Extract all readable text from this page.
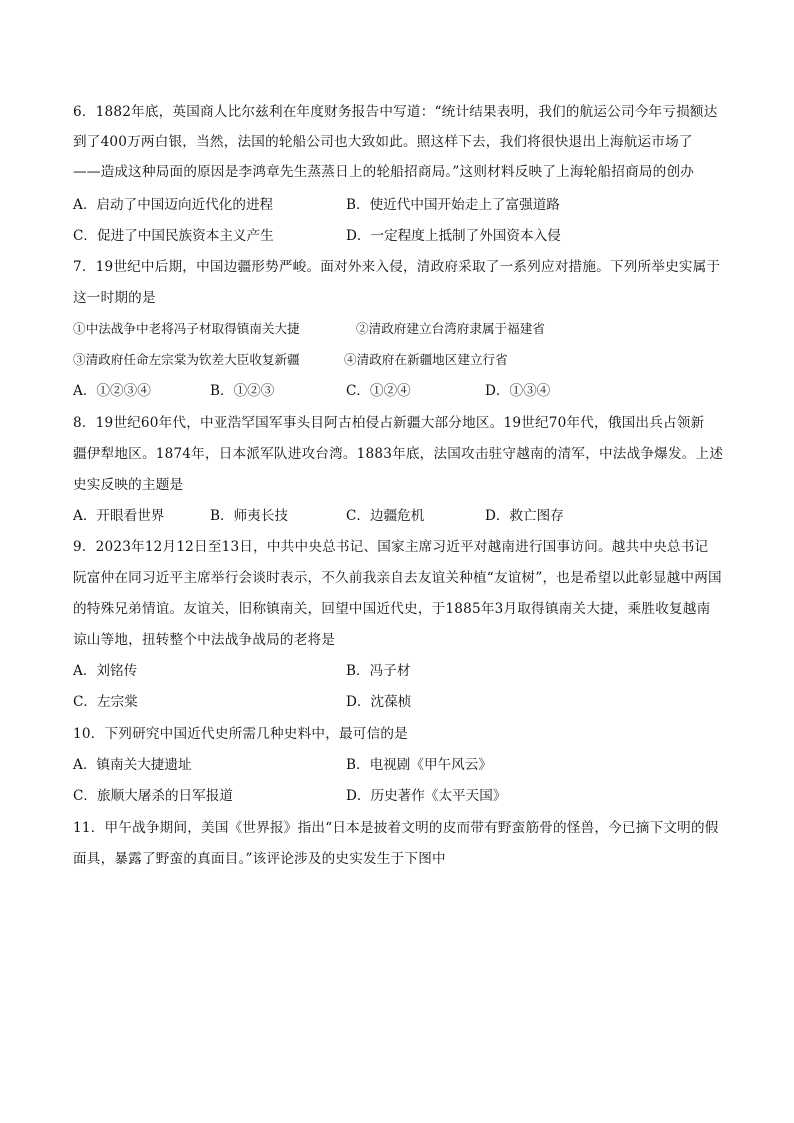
6．1882年底，英国商人比尔兹利在年度财务报告中写道：“统计结果表明，我们的航运公司今年亏损额达
到了400万两白银，当然，法国的轮船公司也大致如此。照这样下去，我们将很快退出上海航运市场了
——造成这种局面的原因是李鸿章先生蒸蒸日上的轮船招商局。”这则材料反映了上海轮船招商局的创办
A．启动了中国迈向近代化的进程	B．使近代中国开始走上了富强道路
C．促进了中国民族资本主义产生	D．一定程度上抵制了外国资本入侵
7．19世纪中后期，中国边疆形势严峻。面对外来入侵，清政府采取了一系列应对措施。下列所举史实属于
这一时期的是
①中法战争中老将冯子材取得镇南关大捷	②清政府建立台湾府隶属于福建省
③清政府任命左宗棠为钦差大臣收复新疆	④清政府在新疆地区建立行省
A．①②③④	B．①②③	C．①②④	D．①③④
8．19世纪60年代，中亚浩罕国军事头目阿古柏侵占新疆大部分地区。19世纪70年代，俄国出兵占领新
疆伊犁地区。1874年，日本派军队进攻台湾。1883年底，法国攻击驻守越南的清军，中法战争爆发。上述
史实反映的主题是
A．开眼看世界	B．师夷长技	C．边疆危机	D．救亡图存
9．2023年12月12日至13日，中共中央总书记、国家主席习近平对越南进行国事访问。越共中央总书记
阮富仲在同习近平主席举行会谈时表示，不久前我亲自去友谊关种植“友谊树”，也是希望以此彰显越中两国
的特殊兄弟情谊。友谊关，旧称镇南关，回望中国近代史，于1885年3月取得镇南关大捷，乘胜收复越南
谅山等地，扭转整个中法战争战局的老将是
A．刘铭传	B．冯子材
C．左宗棠	D．沈葆桢
10．下列研究中国近代史所需几种史料中，最可信的是
A．镇南关大捷遗址	B．电视剧《甲午风云》
C．旅顺大屠杀的日军报道	D．历史著作《太平天国》
11．甲午战争期间，美国《世界报》指出“日本是披着文明的皮而带有野蛮筋骨的怪兽，今已摘下文明的假
面具，暴露了野蛮的真面目。”该评论涉及的史实发生于下图中
